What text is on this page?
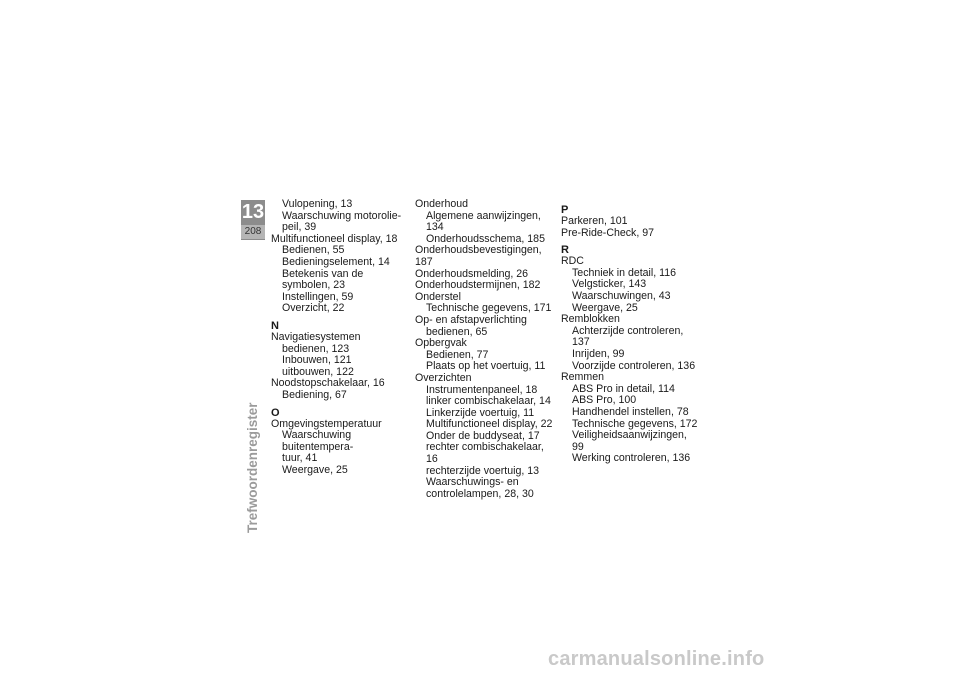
13
208
Trefwoordenregister
Vulopening, 13
Waarschuwing motorolie-
peil, 39
Multifunctioneel display, 18
Bedienen, 55
Bedieningselement, 14
Betekenis van de symbolen, 23
Instellingen, 59
Overzicht, 22
N
Navigatiesystemen
bedienen, 123
Inbouwen, 121
uitbouwen, 122
Noodstopschakelaar, 16
Bediening, 67
O
Omgevingstemperatuur
Waarschuwing buitentempera-
tuur, 41
Weergave, 25
Onderhoud
Algemene aanwijzingen, 134
Onderhoudsschema, 185
Onderhoudsbevestigingen, 187
Onderhoudsmelding, 26
Onderhoudstermijnen, 182
Onderstel
Technische gegevens, 171
Op- en afstapverlichting
bedienen, 65
Opbergvak
Bedienen, 77
Plaats op het voertuig, 11
Overzichten
Instrumentenpaneel, 18
linker combischakelaar, 14
Linkerzijde voertuig, 11
Multifunctioneel display, 22
Onder de buddyseat, 17
rechter combischakelaar, 16
rechterzijde voertuig, 13
Waarschuwings- en
controlelampen, 28, 30
P
Parkeren, 101
Pre-Ride-Check, 97
R
RDC
Techniek in detail, 116
Velgsticker, 143
Waarschuwingen, 43
Weergave, 25
Remblokken
Achterzijde controleren, 137
Inrijden, 99
Voorzijde controleren, 136
Remmen
ABS Pro in detail, 114
ABS Pro, 100
Handhendel instellen, 78
Technische gegevens, 172
Veiligheidsaanwijzingen, 99
Werking controleren, 136
carmanualsonline.info
